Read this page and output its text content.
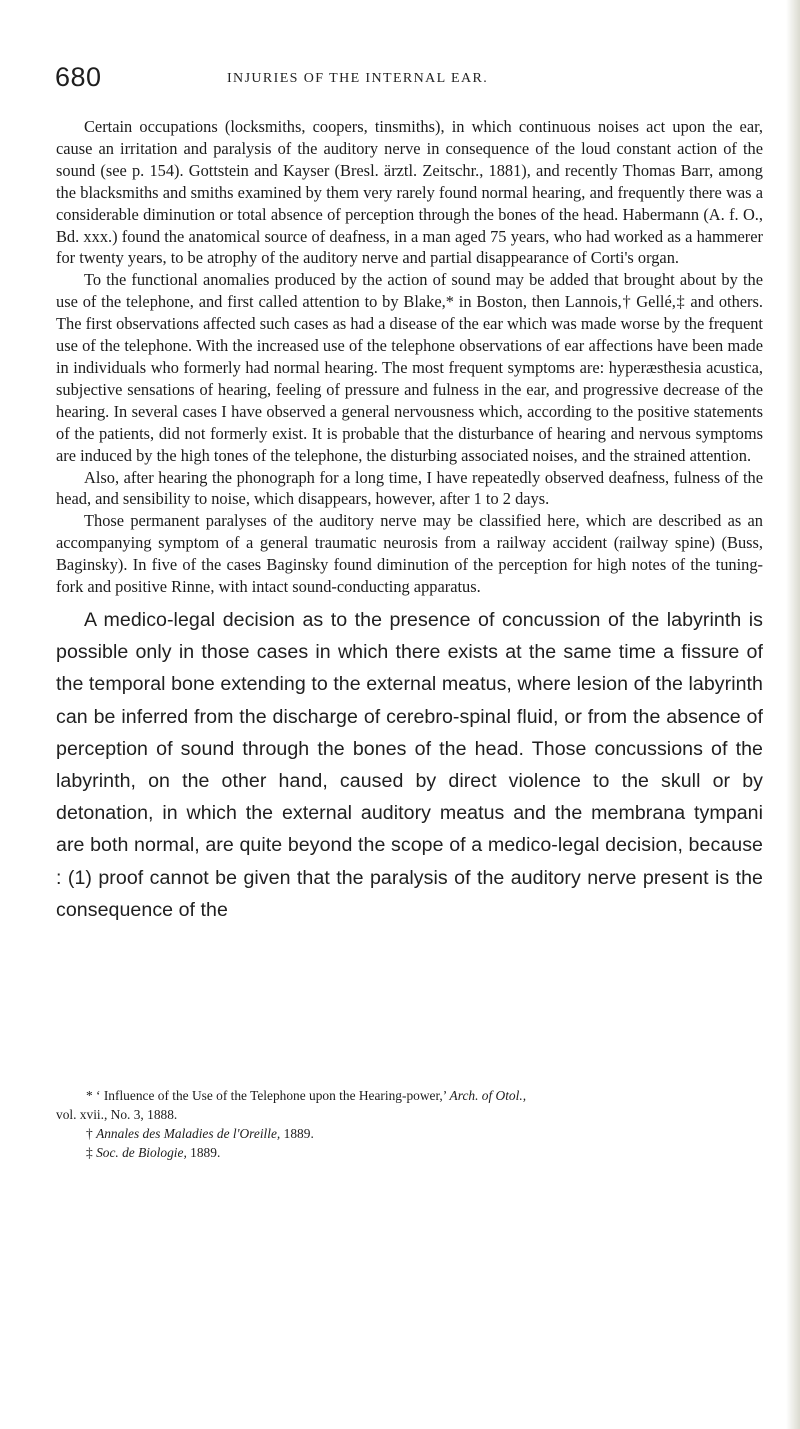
680	INJURIES OF THE INTERNAL EAR.

Certain occupations (locksmiths, coopers, tinsmiths), in which continuous noises act upon the ear, cause an irritation and paralysis of the auditory nerve in consequence of the loud constant action of the sound (see p. 154). Gottstein and Kayser (Bresl. ärztl. Zeitschr., 1881), and recently Thomas Barr, among the blacksmiths and smiths examined by them very rarely found normal hearing, and frequently there was a considerable diminution or total absence of perception through the bones of the head. Habermann (A. f. O., Bd. xxx.) found the anatomical source of deafness, in a man aged 75 years, who had worked as a hammerer for twenty years, to be atrophy of the auditory nerve and partial disappearance of Corti's organ.

To the functional anomalies produced by the action of sound may be added that brought about by the use of the telephone, and first called attention to by Blake,* in Boston, then Lannois,† Gellé,‡ and others. The first observations affected such cases as had a disease of the ear which was made worse by the frequent use of the telephone. With the increased use of the telephone observations of ear affections have been made in individuals who formerly had normal hearing. The most frequent symptoms are: hyperæsthesia acustica, subjective sensations of hearing, feeling of pressure and fulness in the ear, and progressive decrease of the hearing. In several cases I have observed a general nervousness which, according to the positive statements of the patients, did not formerly exist. It is probable that the disturbance of hearing and nervous symptoms are induced by the high tones of the telephone, the disturbing associated noises, and the strained attention.

Also, after hearing the phonograph for a long time, I have repeatedly observed deafness, fulness of the head, and sensibility to noise, which disappears, however, after 1 to 2 days.

Those permanent paralyses of the auditory nerve may be classified here, which are described as an accompanying symptom of a general traumatic neurosis from a railway accident (railway spine) (Buss, Baginsky). In five of the cases Baginsky found diminution of the perception for high notes of the tuning-fork and positive Rinne, with intact sound-conducting apparatus.

A medico-legal decision as to the presence of concussion of the labyrinth is possible only in those cases in which there exists at the same time a fissure of the temporal bone extending to the external meatus, where lesion of the labyrinth can be inferred from the discharge of cerebro-spinal fluid, or from the absence of perception of sound through the bones of the head. Those concussions of the labyrinth, on the other hand, caused by direct violence to the skull or by detonation, in which the external auditory meatus and the membrana tympani are both normal, are quite beyond the scope of a medico-legal decision, because : (1) proof cannot be given that the paralysis of the auditory nerve present is the consequence of the

* ‘ Influence of the Use of the Telephone upon the Hearing-power,’ Arch. of Otol.,

vol. xvii., No. 3, 1888.

† Annales des Maladies de l'Oreille, 1889.

‡ Soc. de Biologie, 1889.
